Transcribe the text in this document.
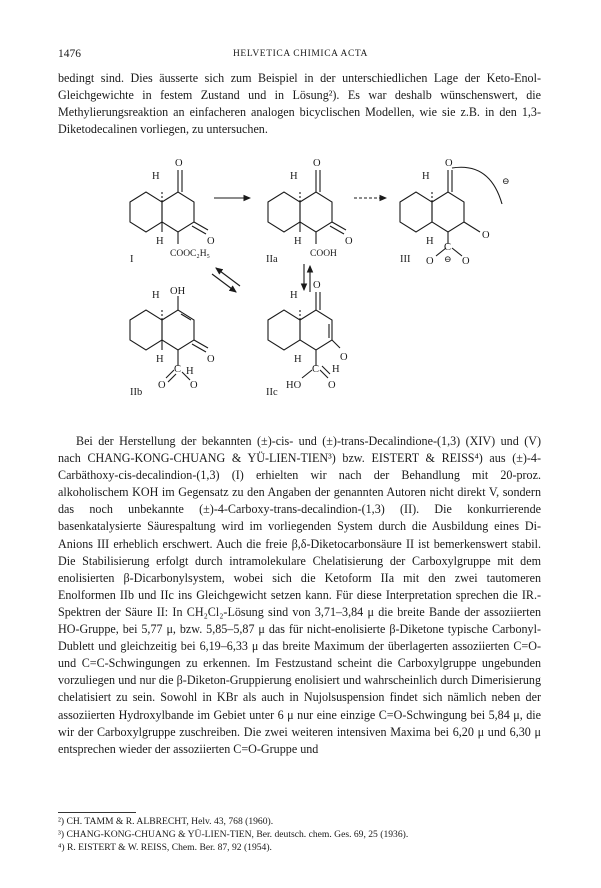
1476	HELVETICA CHIMICA ACTA

bedingt sind. Dies äusserte sich zum Beispiel in der unterschiedlichen Lage der Keto-Enol-Gleichgewichte in festem Zustand und in Lösung²). Es war deshalb wünschenswert, die Methylierungsreaktion an einfacheren analogen bicyclischen Modellen, wie sie z.B. in den 1,3-Diketodecalinen vorliegen, zu untersuchen.

O
H
O
H
COOC₂H₅
I
O
H
O
H
COOH
IIa
O
H	⊖
O
H
C
O ⊖ O
III
OH
H
O
H
C H
O O
IIb
O
H
O
H
C H
HO	O
IIc

Bei der Herstellung der bekannten (±)-cis- und (±)-trans-Decalindione-(1,3) (XIV) und (V) nach CHANG-KONG-CHUANG & YÜ-LIEN-TIEN³) bzw. EISTERT & REISS⁴) aus (±)-4-Carbäthoxy-cis-decalindion-(1,3) (I) erhielten wir nach der Behandlung mit 20-proz. alkoholischem KOH im Gegensatz zu den Angaben der genannten Autoren nicht direkt V, sondern das noch unbekannte (±)-4-Carboxy-trans-decalindion-(1,3) (II). Die konkurrierende basenkatalysierte Säurespaltung wird im vorliegenden System durch die Ausbildung eines Di-Anions III erheblich erschwert. Auch die freie β,δ-Diketocarbonsäure II ist bemerkenswert stabil. Die Stabilisierung erfolgt durch intramolekulare Chelatisierung der Carboxylgruppe mit dem enolisierten β-Dicarbonylsystem, wobei sich die Ketoform IIa mit den zwei tautomeren Enolformen IIb und IIc ins Gleichgewicht setzen kann. Für diese Interpretation sprechen die IR.-Spektren der Säure II: In CH₂Cl₂-Lösung sind von 3,71–3,84 μ die breite Bande der assoziierten HO-Gruppe, bei 5,77 μ, bzw. 5,85–5,87 μ das für nicht-enolisierte β-Diketone typische Carbonyl-Dublett und gleichzeitig bei 6,19–6,33 μ das breite Maximum der überlagerten assoziierten C=O- und C=C-Schwingungen zu erkennen. Im Festzustand scheint die Carboxylgruppe ungebunden vorzuliegen und nur die β-Diketon-Gruppierung enolisiert und wahrscheinlich durch Dimerisierung chelatisiert zu sein. Sowohl in KBr als auch in Nujolsuspension findet sich nämlich neben der assoziierten Hydroxylbande im Gebiet unter 6 μ nur eine einzige C=O-Schwingung bei 5,84 μ, die wir der Carboxylgruppe zuschreiben. Die zwei weiteren intensiven Maxima bei 6,20 μ und 6,30 μ entsprechen wieder der assoziierten C=O-Gruppe und

²) CH. TAMM & R. ALBRECHT, Helv. 43, 768 (1960).
³) CHANG-KONG-CHUANG & YÜ-LIEN-TIEN, Ber. deutsch. chem. Ges. 69, 25 (1936).
⁴) R. EISTERT & W. REISS, Chem. Ber. 87, 92 (1954).
